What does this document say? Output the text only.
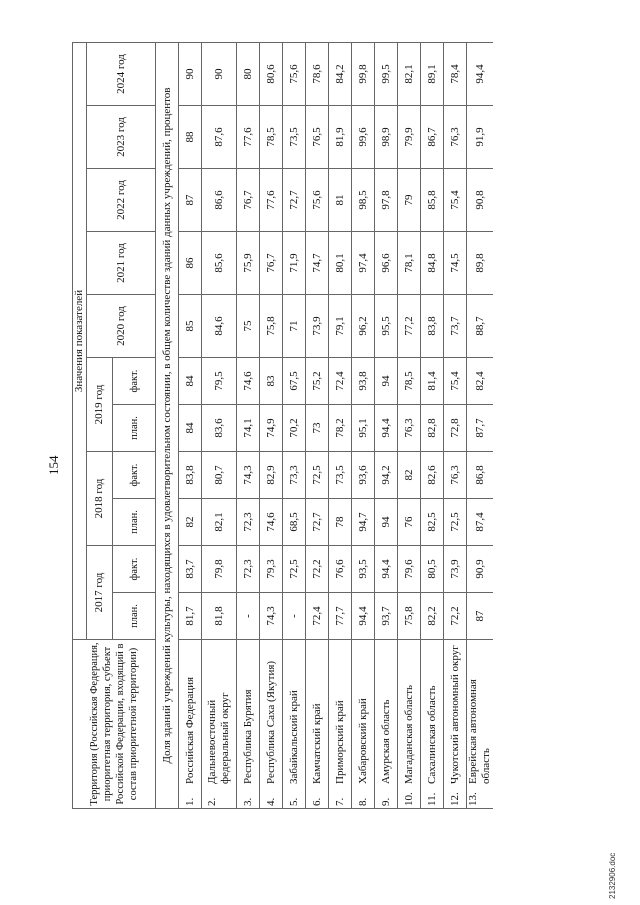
154
2132906.doc
Территория (Российская Федерация, приоритетная территория, субъект Российской Федерации, входящий в состав приоритетной территории)	Значения показателей										
	2017 год		2018 год		2019 год		2020 год	2021 год	2022 год	2023 год	2024 год
	план.	факт.	план.	факт.	план.	факт.					
Доля зданий учреждений культуры, находящихся в удовлетворительном состоянии, в общем количестве зданий данных учреждений, процентов											
1.Российская Федерация	81,7	83,7	82	83,8	84	84	85	86	87	88	90
2.Дальневосточный федеральный округ	81,8	79,8	82,1	80,7	83,6	79,5	84,6	85,6	86,6	87,6	90
3.Республика Бурятия	-	72,3	72,3	74,3	74,1	74,6	75	75,9	76,7	77,6	80
4.Республика Саха (Якутия)	74,3	79,3	74,6	82,9	74,9	83	75,8	76,7	77,6	78,5	80,6
5.Забайкальский край	-	72,5	68,5	73,3	70,2	67,5	71	71,9	72,7	73,5	75,6
6.Камчатский край	72,4	72,2	72,7	72,5	73	75,2	73,9	74,7	75,6	76,5	78,6
7.Приморский край	77,7	76,6	78	73,5	78,2	72,4	79,1	80,1	81	81,9	84,2
8.Хабаровский край	94,4	93,5	94,7	93,6	95,1	93,8	96,2	97,4	98,5	99,6	99,8
9.Амурская область	93,7	94,4	94	94,2	94,4	94	95,5	96,6	97,8	98,9	99,5
10.Магаданская область	75,8	79,6	76	82	76,3	78,5	77,2	78,1	79	79,9	82,1
11.Сахалинская область	82,2	80,5	82,5	82,6	82,8	81,4	83,8	84,8	85,8	86,7	89,1
12.Чукотский автономный округ	72,2	73,9	72,5	76,3	72,8	75,4	73,7	74,5	75,4	76,3	78,4
13.Еврейская автономная область	87	90,9	87,4	86,8	87,7	82,4	88,7	89,8	90,8	91,9	94,4
